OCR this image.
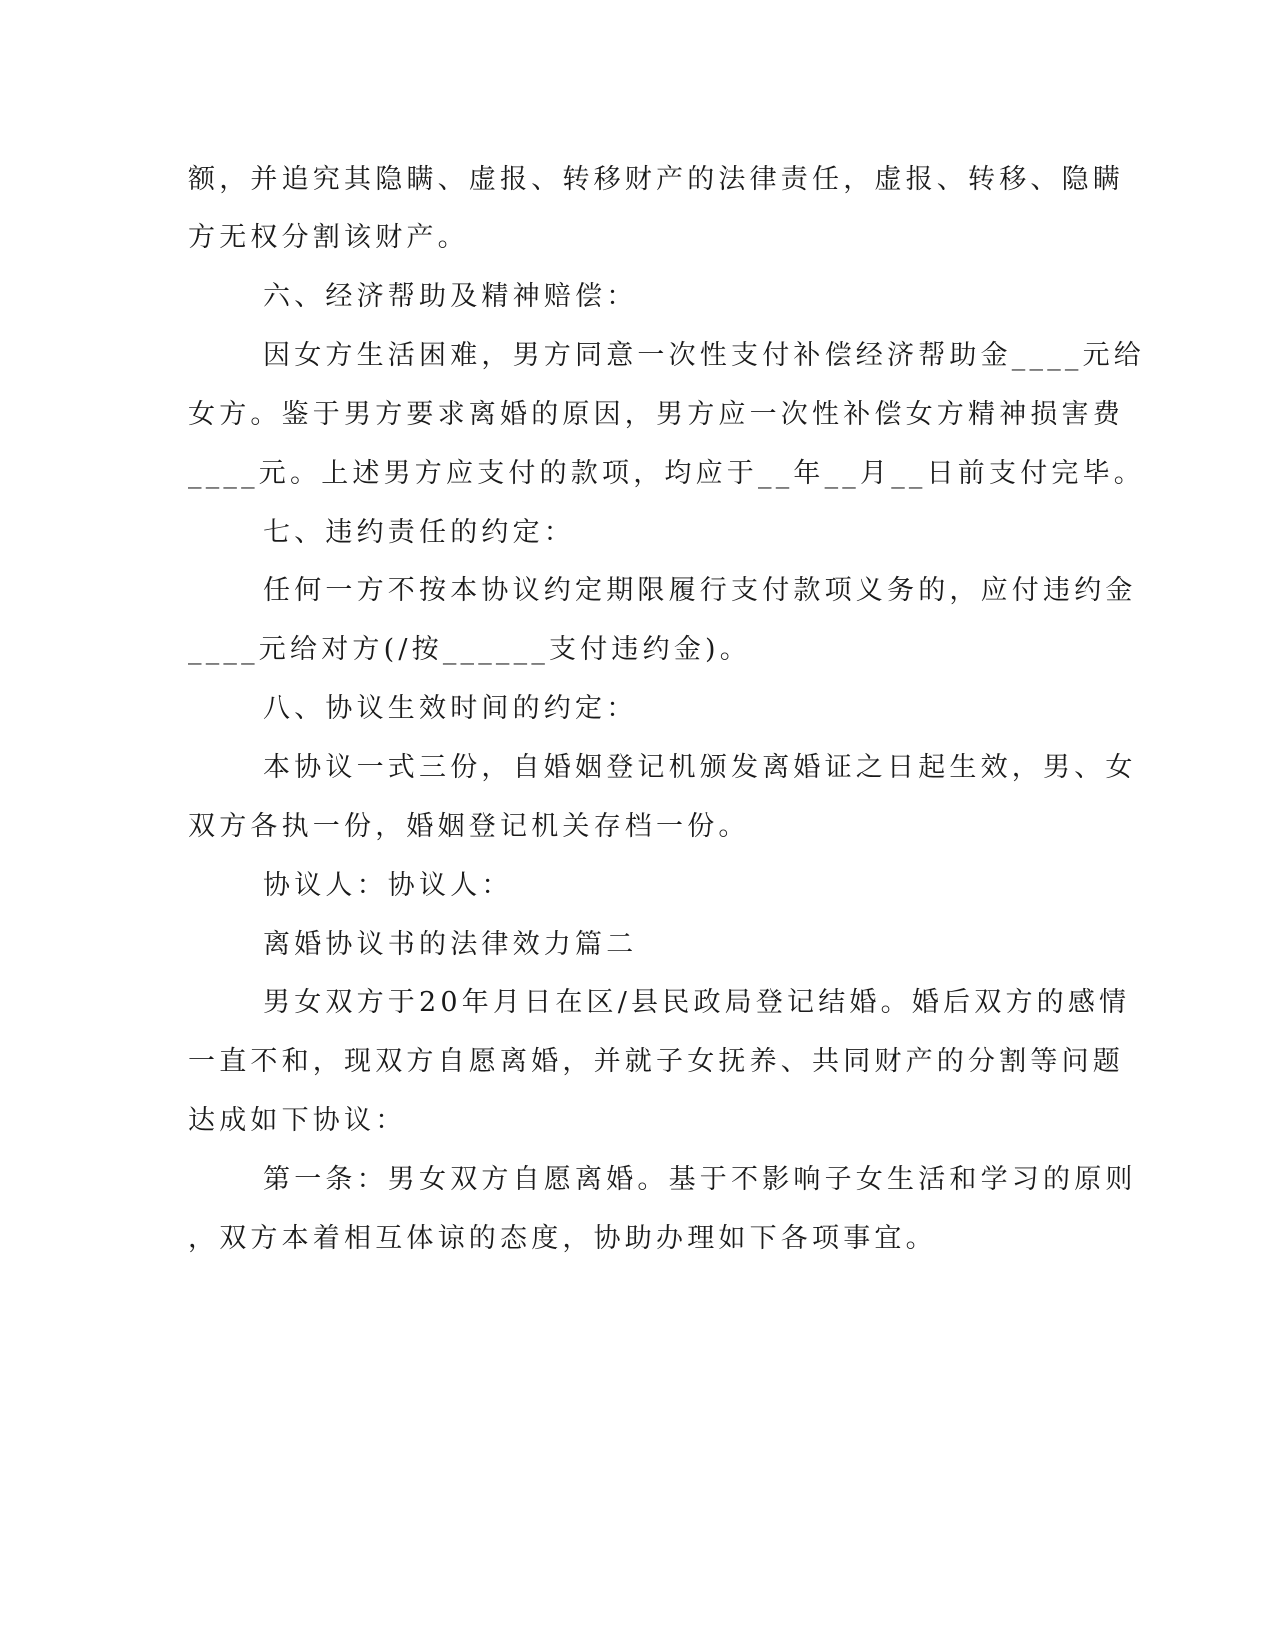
额，并追究其隐瞒、虚报、转移财产的法律责任，虚报、转移、隐瞒
方无权分割该财产。
六、经济帮助及精神赔偿：
因女方生活困难，男方同意一次性支付补偿经济帮助金____元给
女方。鉴于男方要求离婚的原因，男方应一次性补偿女方精神损害费
____元。上述男方应支付的款项，均应于__年__月__日前支付完毕。
七、违约责任的约定：
任何一方不按本协议约定期限履行支付款项义务的，应付违约金
____元给对方(/按______支付违约金)。
八、协议生效时间的约定：
本协议一式三份，自婚姻登记机颁发离婚证之日起生效，男、女
双方各执一份，婚姻登记机关存档一份。
协议人：协议人：
离婚协议书的法律效力篇二
男女双方于20年月日在区/县民政局登记结婚。婚后双方的感情
一直不和，现双方自愿离婚，并就子女抚养、共同财产的分割等问题
达成如下协议：
第一条：男女双方自愿离婚。基于不影响子女生活和学习的原则
，双方本着相互体谅的态度，协助办理如下各项事宜。
